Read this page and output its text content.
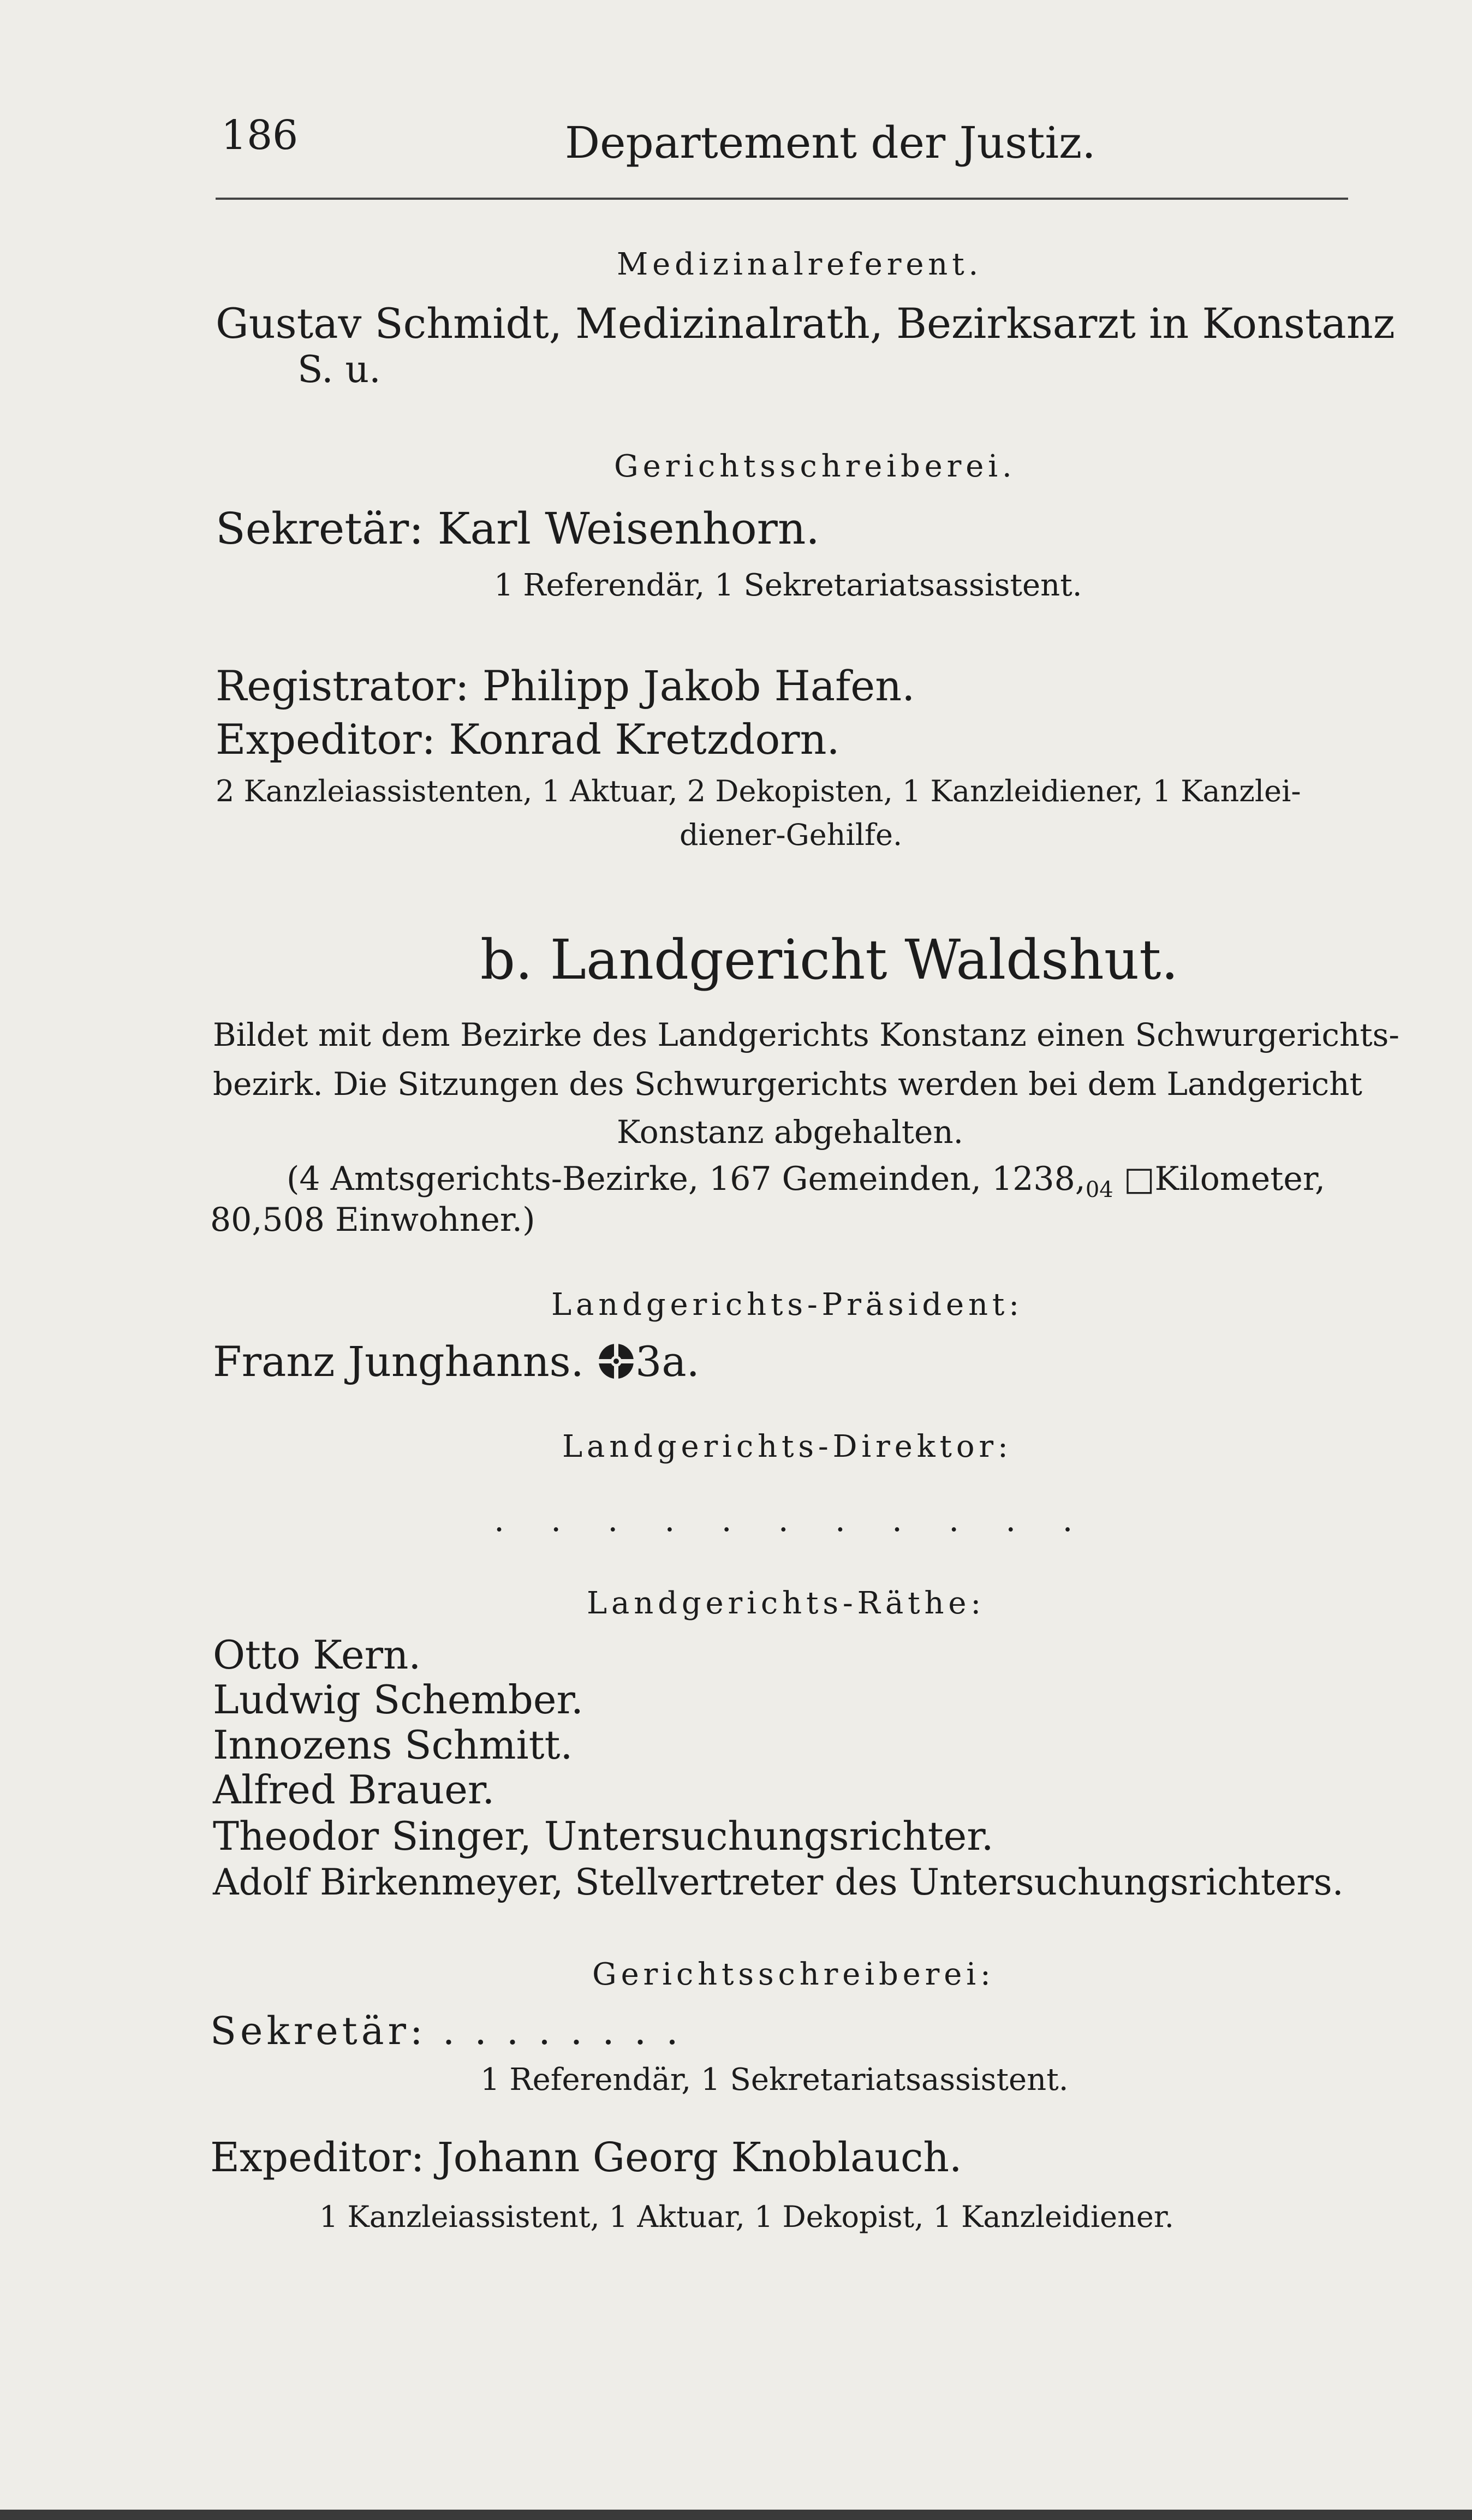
186	Departement der Justiz.
Medizinalreferent.
Gustav Schmidt, Medizinalrath, Bezirksarzt in Konstanz
S. u.
Gerichtsschreiberei.
Sekretär: Karl Weisenhorn.
1 Referendär, 1 Sekretariatsassistent.
Registrator: Philipp Jakob Hafen.
Expeditor: Konrad Kretzdorn.
2 Kanzleiassistenten, 1 Aktuar, 2 Dekopisten, 1 Kanzleidiener, 1 Kanzlei-
diener-Gehilfe.
b. Landgericht Waldshut.
Bildet mit dem Bezirke des Landgerichts Konstanz einen Schwurgerichts-
bezirk. Die Sitzungen des Schwurgerichts werden bei dem Landgericht
Konstanz abgehalten.
(4 Amtsgerichts-Bezirke, 167 Gemeinden, $1238,_{04}$ □Kilometer,
80,508 Einwohner.)
Landgerichts-Präsident:
Franz Junghanns. 3a.
Landgerichts-Direktor:
. . . . . . . . . . .
Landgerichts-Räthe:
Otto Kern.
Ludwig Schember.
Innozens Schmitt.
Alfred Brauer.
Theodor Singer, Untersuchungsrichter.
Adolf Birkenmeyer, Stellvertreter des Untersuchungsrichters.
Gerichtsschreiberei:
Sekretär: . . . . . . . .
1 Referendär, 1 Sekretariatsassistent.
Expeditor: Johann Georg Knoblauch.
1 Kanzleiassistent, 1 Aktuar, 1 Dekopist, 1 Kanzleidiener.
